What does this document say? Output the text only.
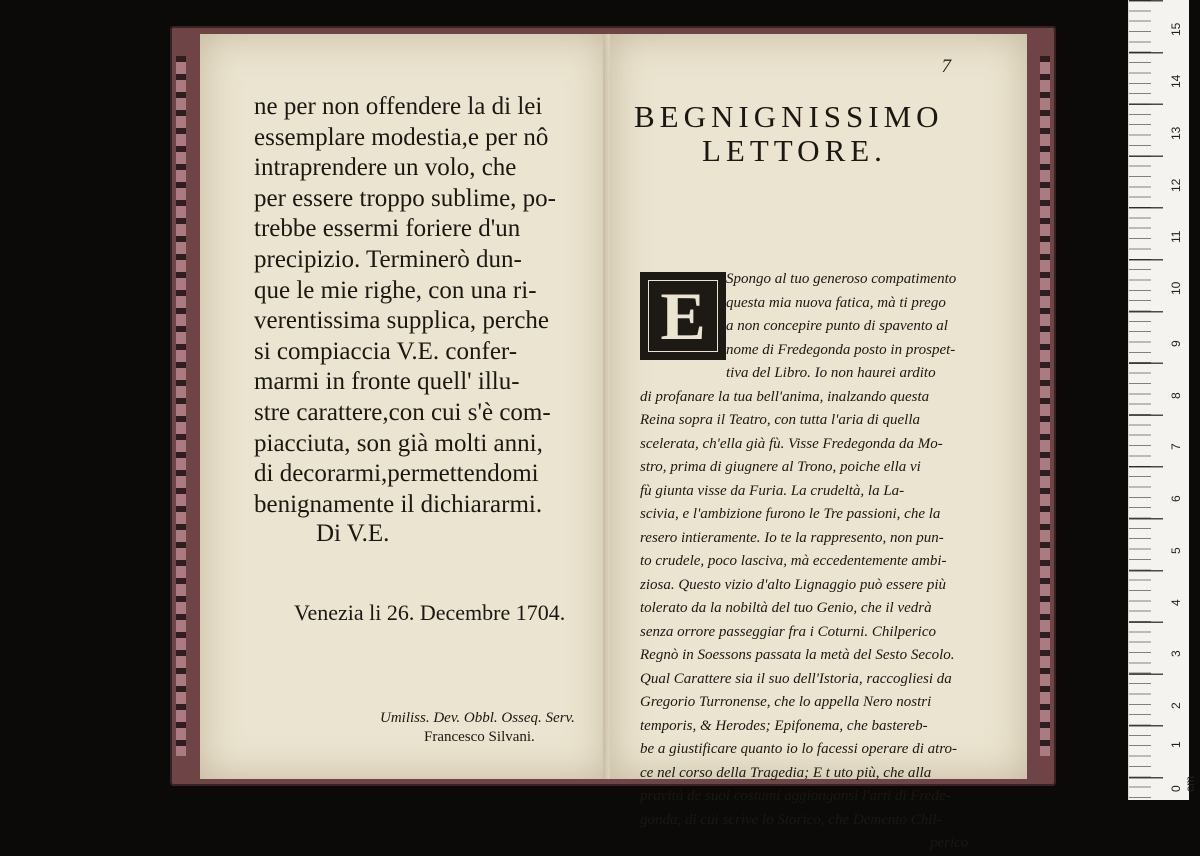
ne per non offendere la di lei
essemplare modestia,e per nô
intraprendere un volo, che
per essere troppo sublime, po-
trebbe essermi foriere d'un
precipizio. Terminerò dun-
que le mie righe, con una ri-
verentissima supplica, perche
si compiaccia V.E. confer-
marmi in fronte quell' illu-
stre carattere,con cui s'è com-
piacciuta, son già molti anni,
di decorarmi,permettendomi
benignamente il dichiararmi.
Di V.E.
Venezia li 26. Decembre 1704.
Umiliss. Dev. Obbl. Osseq. Serv.
Francesco Silvani.
7
BEGNIGNISSIMO
LETTORE.
E	Spongo al tuo generoso compatimento
questa mia nuova fatica, mà ti prego
a non concepire punto di spavento al
nome di Fredegonda posto in prospet-
tiva del Libro. Io non haurei ardito
di profanare la tua bell'anima, inalzando questa
Reina sopra il Teatro, con tutta l'aria di quella
scelerata, ch'ella già fù. Visse Fredegonda da Mo-
stro, prima di giugnere al Trono, poiche ella vi
fù giunta visse da Furia. La crudeltà, la La-
scivia, e l'ambizione furono le Tre passioni, che la
resero intieramente. Io te la rappresento, non pun-
to crudele, poco lasciva, mà eccedentemente ambi-
ziosa. Questo vizio d'alto Lignaggio può essere più
tolerato da la nobiltà del tuo Genio, che il vedrà
senza orrore passeggiar fra i Coturni. Chilperico
Regnò in Soessons passata la metà del Sesto Secolo.
Qual Carattere sia il suo dell'Istoria, raccogliesi da
Gregorio Turronense, che lo appella Nero nostri
temporis, & Herodes; Epifonema, che bastereb-
be a giustificare quanto io lo facessi operare di atro-
ce nel corso della Tragedia; E t uto più, che alla
pravità de suoi costumi aggiongonsi l'arti di Frede-
gonda, di cui scrive lo Storico, che Demento Chil-
perico
15
14
13
12
11
10
9
8
7
6
5
4
3
2
1
0 cm
